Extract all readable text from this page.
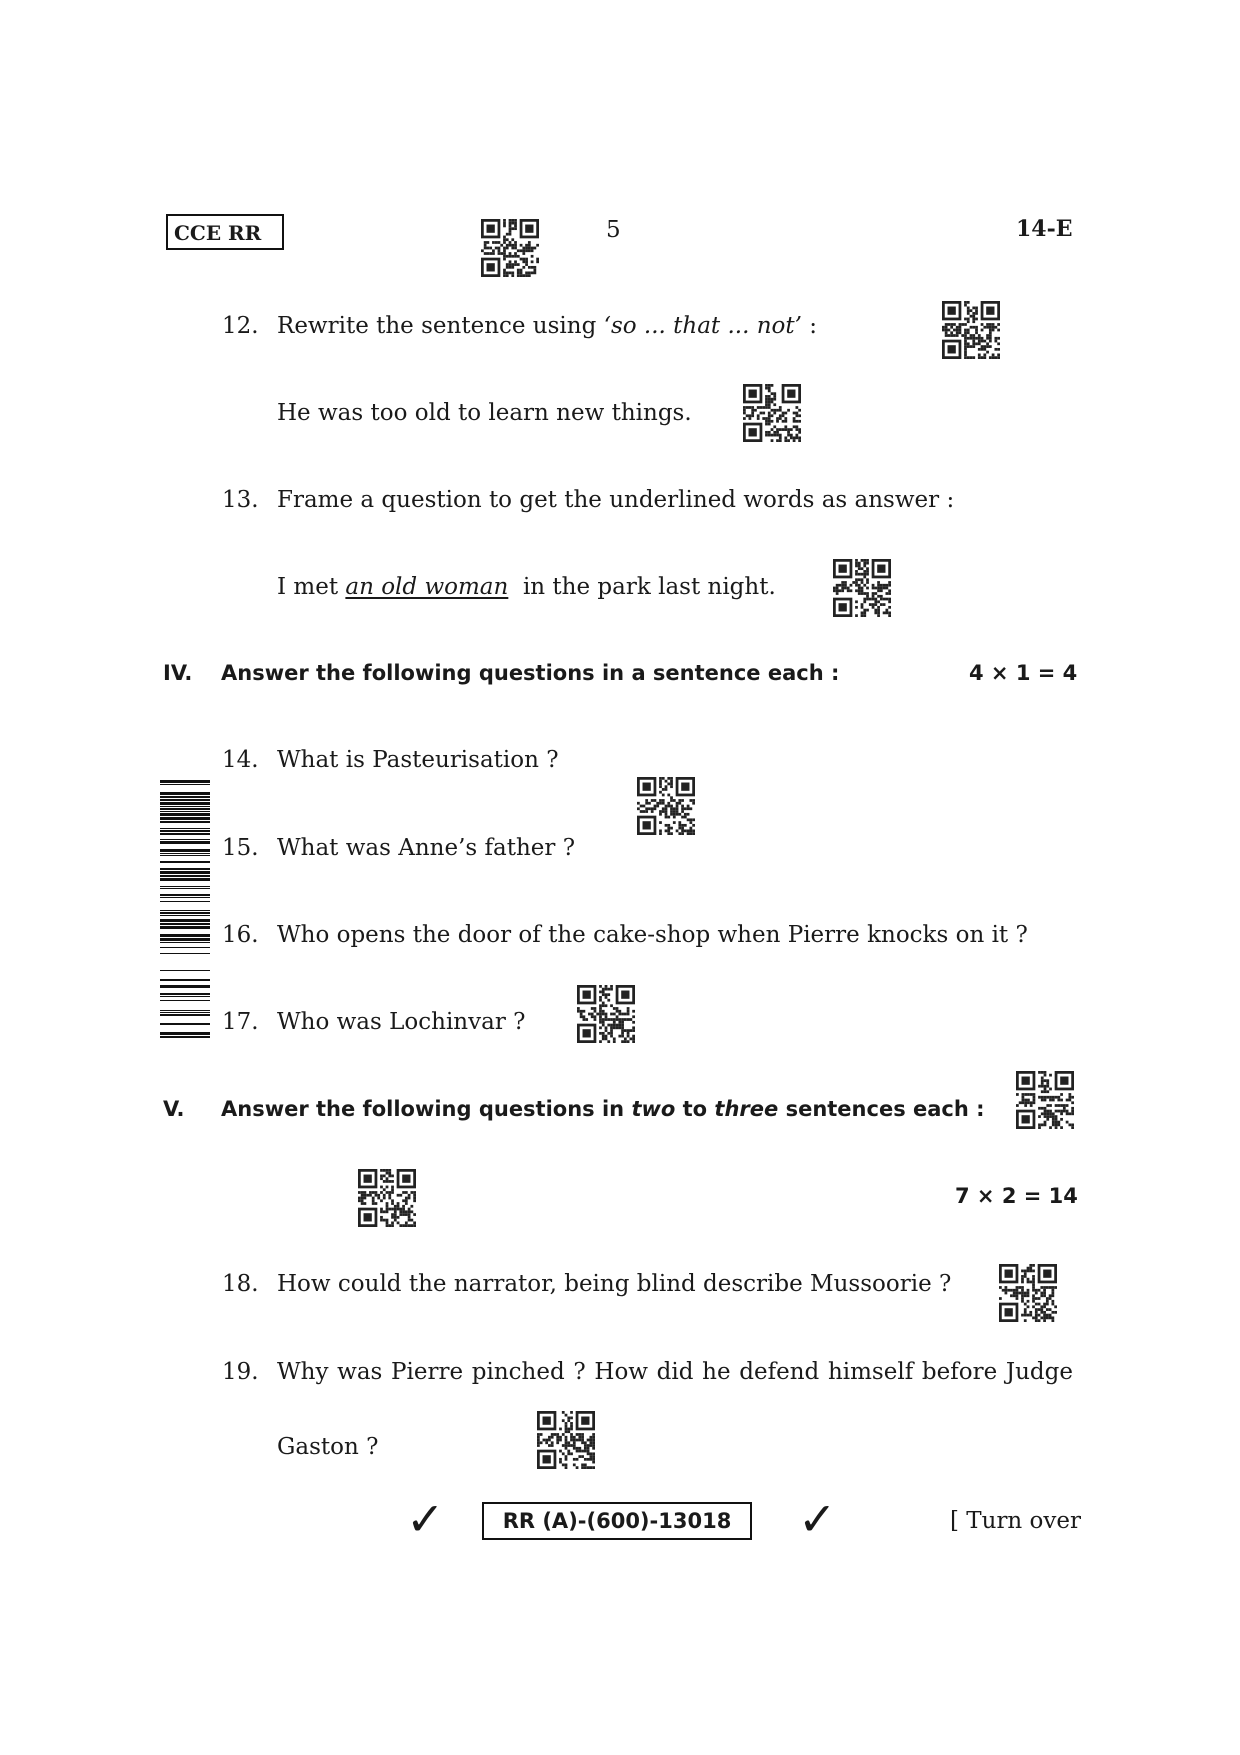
CCE RR	5	14-E
12. Rewrite the sentence using ‘so ... that ... not’ :
He was too old to learn new things.
13. Frame a question to get the underlined words as answer :
I met an old woman  in the park last night.
IV. Answer the following questions in a sentence each :	4 × 1 = 4
14. What is Pasteurisation ?
15. What was Anne’s father ?
16. Who opens the door of the cake-shop when Pierre knocks on it ?
17. Who was Lochinvar ?
V. Answer the following questions in two to three sentences each :
7 × 2 = 14
18. How could the narrator, being blind describe Mussoorie ?
19. Why was Pierre pinched ? How did he defend himself before Judge
Gaston ?
✓	RR (A)-(600)-13018	✓	[ Turn over
